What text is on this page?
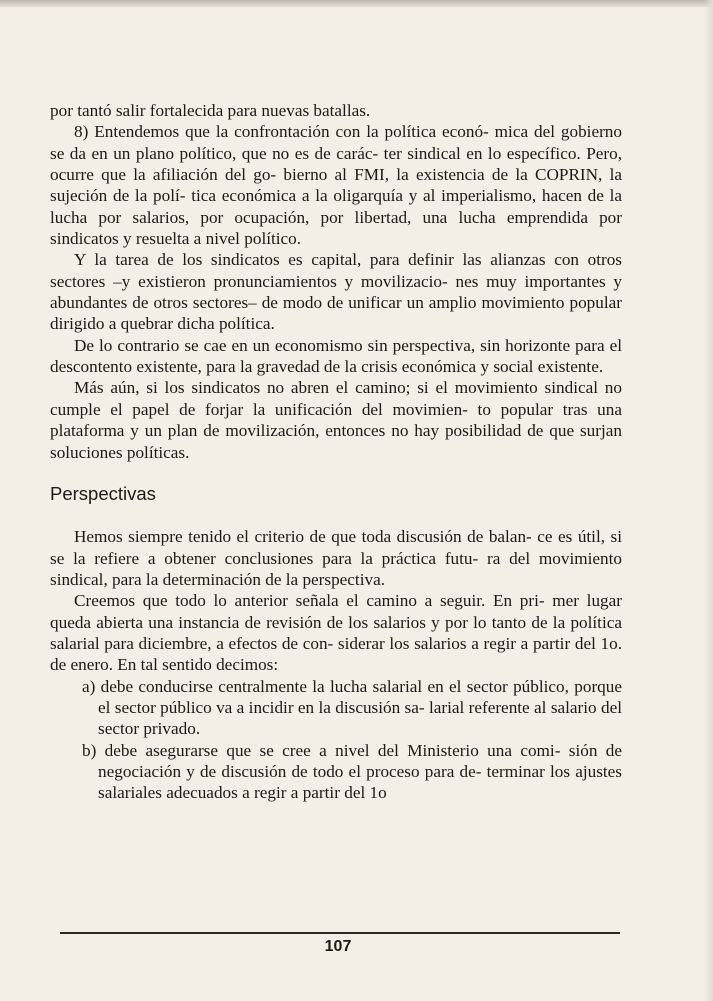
por tantó salir fortalecida para nuevas batallas.

8) Entendemos que la confrontación con la política econó- mica del gobierno se da en un plano político, que no es de carác- ter sindical en lo específico. Pero, ocurre que la afiliación del go- bierno al FMI, la existencia de la COPRIN, la sujeción de la polí- tica económica a la oligarquía y al imperialismo, hacen de la lucha por salarios, por ocupación, por libertad, una lucha emprendida por sindicatos y resuelta a nivel político.

Y la tarea de los sindicatos es capital, para definir las alianzas con otros sectores –y existieron pronunciamientos y movilizacio- nes muy importantes y abundantes de otros sectores– de modo de unificar un amplio movimiento popular dirigido a quebrar dicha política.

De lo contrario se cae en un economismo sin perspectiva, sin horizonte para el descontento existente, para la gravedad de la crisis económica y social existente.

Más aún, si los sindicatos no abren el camino; si el movimiento sindical no cumple el papel de forjar la unificación del movimien- to popular tras una plataforma y un plan de movilización, entonces no hay posibilidad de que surjan soluciones políticas.

Perspectivas

Hemos siempre tenido el criterio de que toda discusión de balan- ce es útil, si se la refiere a obtener conclusiones para la práctica futu- ra del movimiento sindical, para la determinación de la perspectiva.

Creemos que todo lo anterior señala el camino a seguir. En pri- mer lugar queda abierta una instancia de revisión de los salarios y por lo tanto de la política salarial para diciembre, a efectos de con- siderar los salarios a regir a partir del 1o. de enero. En tal sentido decimos:

a) debe conducirse centralmente la lucha salarial en el sector público, porque el sector público va a incidir en la discusión sa- larial referente al salario del sector privado.

b) debe asegurarse que se cree a nivel del Ministerio una comi- sión de negociación y de discusión de todo el proceso para de- terminar los ajustes salariales adecuados a regir a partir del 1o

107
